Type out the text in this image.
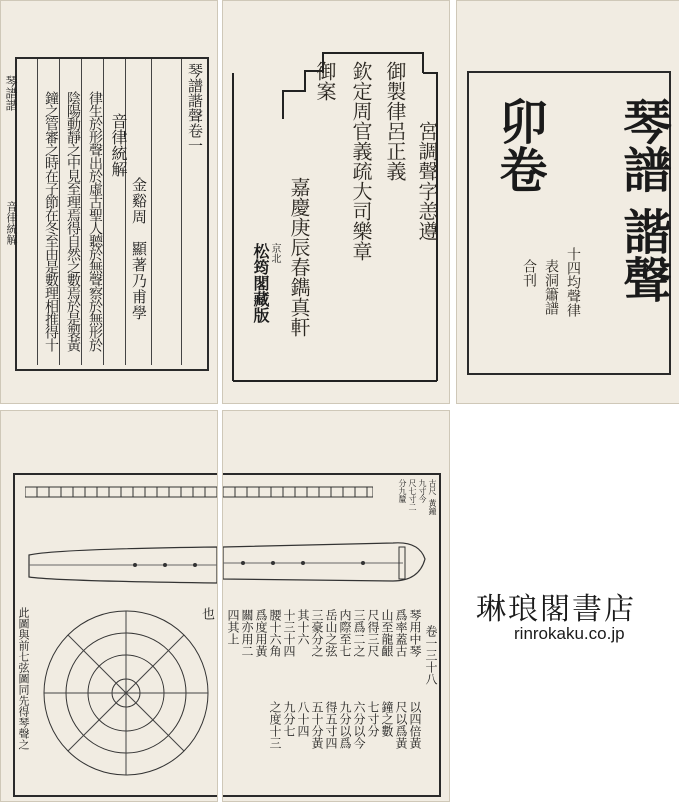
琴譜諧聲卷一
金谿周　顯著乃甫學
音律統解
律生於形聲出於虛古聖人聽於無聲察於無形於
陰陽動靜之中見至理焉得自然之數焉於是製黃
鐘之管審之時在子節在冬至由是數理相推得十
琴譜諧
音律統解
御製律呂正義
欽定周官義疏大司樂章
御案
宮調聲字恙遵
嘉慶庚辰春鐫
真軒
京北
松筠閣藏版
琴譜
諧聲
卯卷
十四均聲律
表洞簫譜
合刊
此圖與前七弦圖同先得琴聲之	也
古尺
黃鐘
九寸今
尺七寸二
分九釐
卷一三十八
琴用中琴
爲率蓋古
山至龍齦
尺得三尺
三爲二之
内際至七
岳山之弦
三豪分之
其十六
十三十四
腰十六角
爲度用黃
關亦用二
四其上
以四倍黃
尺以爲黃
鐘之數
七寸分
六分以今
九分以爲
得五寸四
五十分黃
八十四
九分七
之度十三
琳琅閣書店
rinrokaku.co.jp
